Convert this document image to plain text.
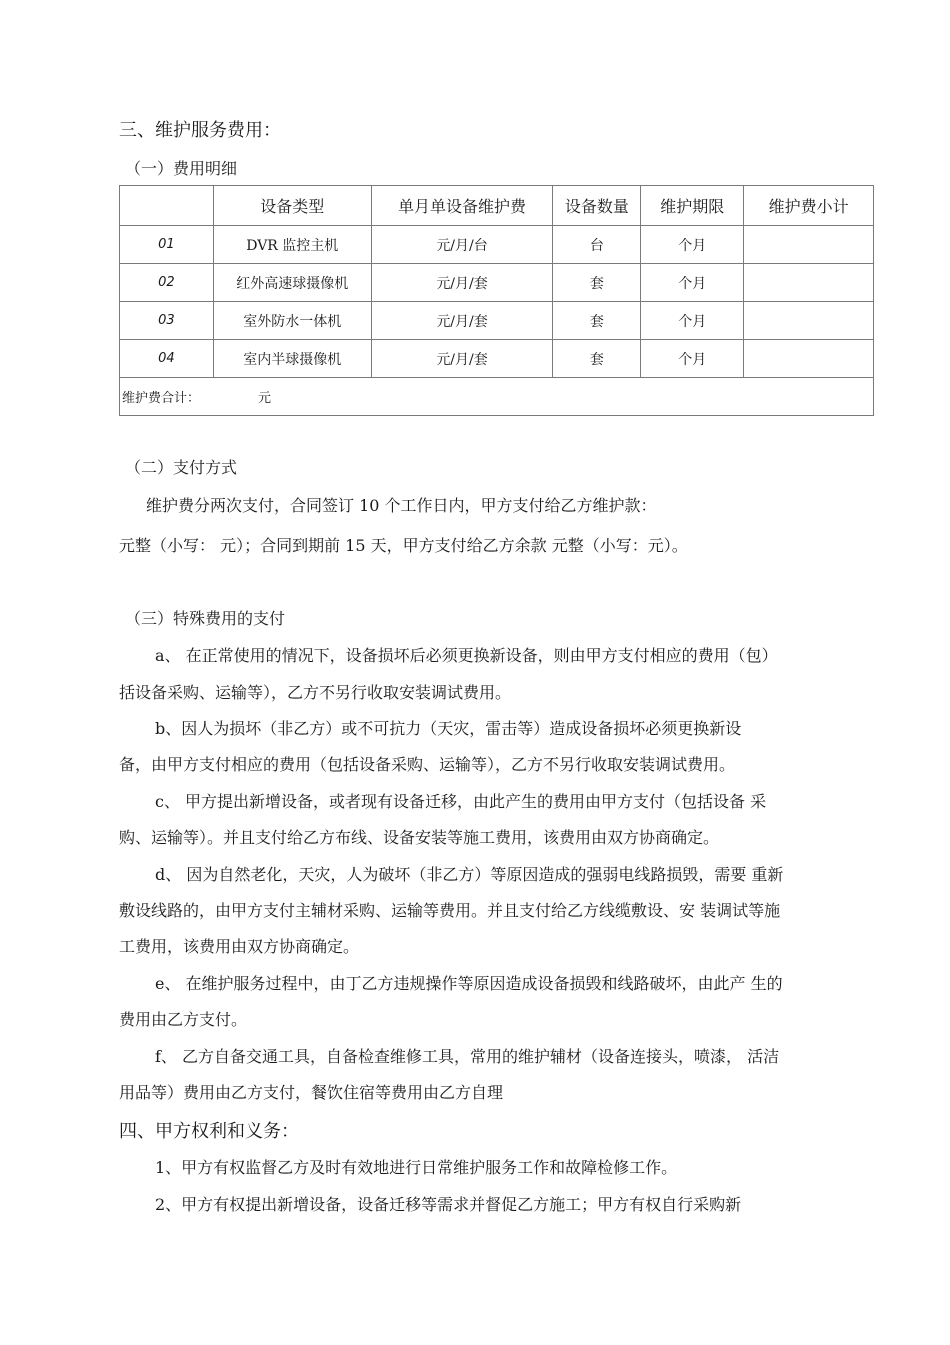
三、维护服务费用：
（一）费用明细
	设备类型	单月单设备维护费	设备数量	维护期限	维护费小计
01	DVR 监控主机	元/月/台	台	个月	
02	红外高速球摄像机	元/月/套	套	个月	
03	室外防水一体机	元/月/套	套	个月	
04	室内半球摄像机	元/月/套	套	个月	
维护费合计： 元					
（二）支付方式
维护费分两次支付，合同签订 10 个工作日内，甲方支付给乙方维护款：
元整（小写： 元）；合同到期前 15 天，甲方支付给乙方余款 元整（小写：元）。
（三）特殊费用的支付
a、 在正常使用的情况下，设备损坏后必须更换新设备，则由甲方支付相应的费用（包）
括设备采购、运输等），乙方不另行收取安装调试费用。
b、因人为损坏（非乙方）或不可抗力（天灾，雷击等）造成设备损坏必须更换新设
备，由甲方支付相应的费用（包括设备采购、运输等），乙方不另行收取安装调试费用。
c、 甲方提出新增设备，或者现有设备迁移，由此产生的费用由甲方支付（包括设备 采
购、运输等）。并且支付给乙方布线、设备安装等施工费用，该费用由双方协商确定。
d、 因为自然老化，天灾，人为破坏（非乙方）等原因造成的强弱电线路损毁，需要 重新
敷设线路的，由甲方支付主辅材采购、运输等费用。并且支付给乙方线缆敷设、安 装调试等施
工费用，该费用由双方协商确定。
e、 在维护服务过程中，由丁乙方违规操作等原因造成设备损毁和线路破坏，由此产 生的
费用由乙方支付。
f、 乙方自备交通工具，自备检查维修工具，常用的维护辅材（设备连接头，喷漆， 活洁
用品等）费用由乙方支付，餐饮住宿等费用由乙方自理
四、甲方权利和义务：
1、甲方有权监督乙方及时有效地进行日常维护服务工作和故障检修工作。
2、甲方有权提出新增设备，设备迁移等需求并督促乙方施工；甲方有权自行采购新
